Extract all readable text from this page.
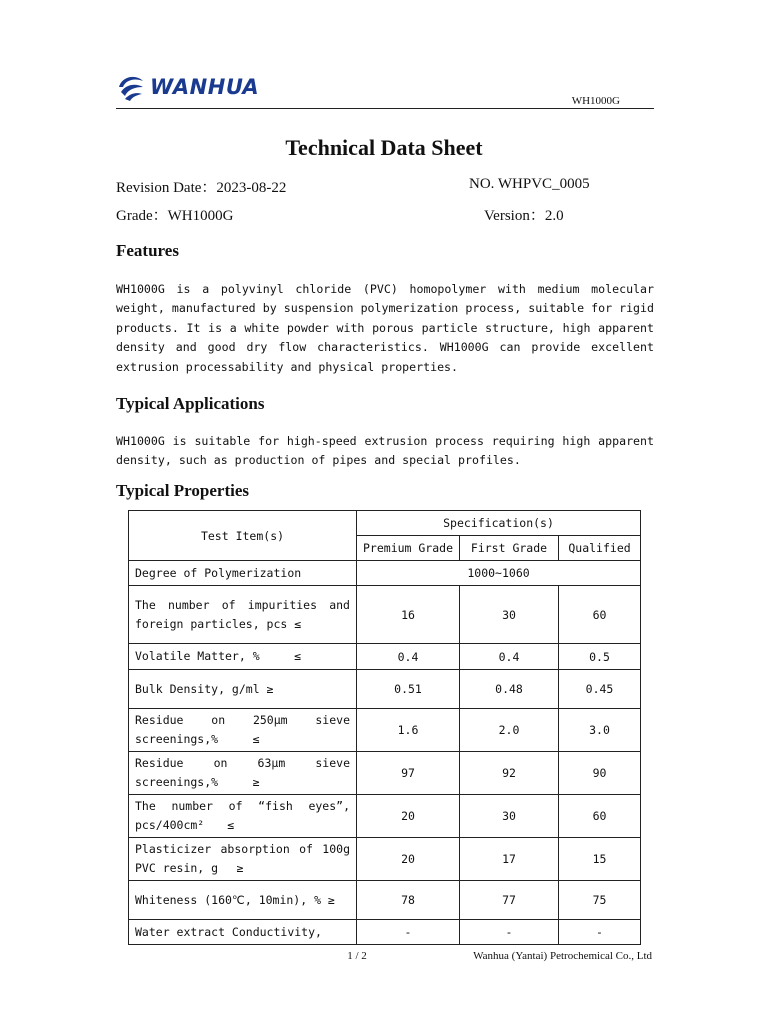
WANHUA
WH1000G
Technical Data Sheet
Revision Date：2023-08-22	NO. WHPVC_0005
Grade：WH1000G	Version：2.0
Features
WH1000G is a polyvinyl chloride (PVC) homopolymer with medium molecular weight, manufactured by suspension polymerization process, suitable for rigid products. It is a white powder with porous particle structure, high apparent density and good dry flow characteristics. WH1000G can provide excellent extrusion processability and physical properties.
Typical Applications
WH1000G is suitable for high-speed extrusion process requiring high apparent density, such as production of pipes and special profiles.
Typical Properties
Test Item(s)	Specification(s)		
	Premium Grade	First Grade	Qualified
Degree of Polymerization	1000~1060		
The number of impurities and foreign particles, pcs ≤	16	30	60
Volatile Matter, %　　　≤	0.4	0.4	0.5
Bulk Density, g/ml ≥	0.51	0.48	0.45
Residue on 250μm sieve screenings,%　　　≤	1.6	2.0	3.0
Residue on 63μm sieve screenings,%　　　≥	97	92	90
The number of “fish eyes”, pcs/400cm²　　≤	20	30	60
Plasticizer absorption of 100g PVC resin, g　 ≥	20	17	15
Whiteness (160℃, 10min), % ≥	78	77	75
Water extract Conductivity,	-	-	-
1 / 2	Wanhua (Yantai) Petrochemical Co., Ltd
